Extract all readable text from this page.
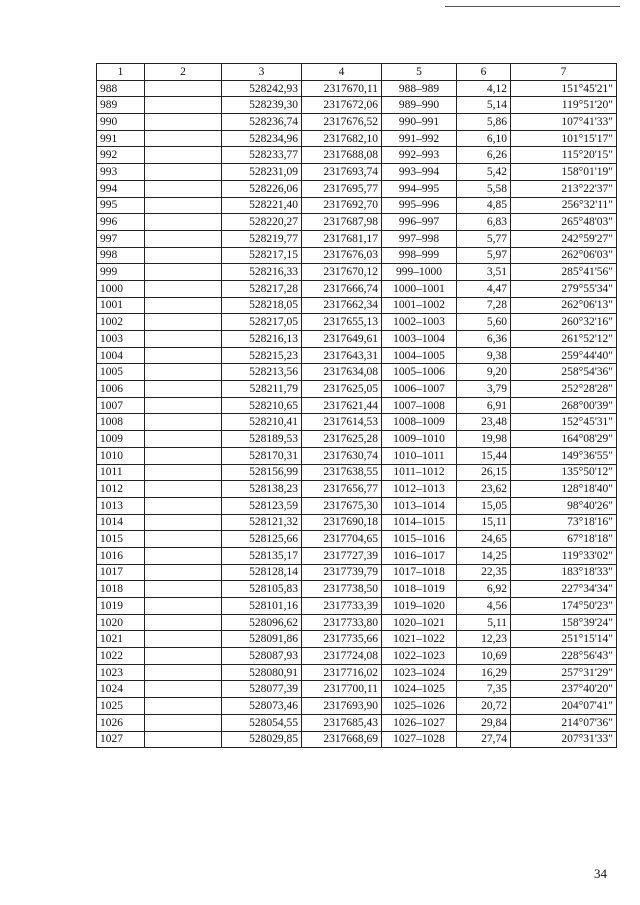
1	2	3	4	5	6	7
988		528242,93	2317670,11	988–989	4,12	151°45'21"
989		528239,30	2317672,06	989–990	5,14	119°51'20"
990		528236,74	2317676,52	990–991	5,86	107°41'33"
991		528234,96	2317682,10	991–992	6,10	101°15'17"
992		528233,77	2317688,08	992–993	6,26	115°20'15"
993		528231,09	2317693,74	993–994	5,42	158°01'19"
994		528226,06	2317695,77	994–995	5,58	213°22'37"
995		528221,40	2317692,70	995–996	4,85	256°32'11"
996		528220,27	2317687,98	996–997	6,83	265°48'03"
997		528219,77	2317681,17	997–998	5,77	242°59'27"
998		528217,15	2317676,03	998–999	5,97	262°06'03"
999		528216,33	2317670,12	999–1000	3,51	285°41'56"
1000		528217,28	2317666,74	1000–1001	4,47	279°55'34"
1001		528218,05	2317662,34	1001–1002	7,28	262°06'13"
1002		528217,05	2317655,13	1002–1003	5,60	260°32'16"
1003		528216,13	2317649,61	1003–1004	6,36	261°52'12"
1004		528215,23	2317643,31	1004–1005	9,38	259°44'40"
1005		528213,56	2317634,08	1005–1006	9,20	258°54'36"
1006		528211,79	2317625,05	1006–1007	3,79	252°28'28"
1007		528210,65	2317621,44	1007–1008	6,91	268°00'39"
1008		528210,41	2317614,53	1008–1009	23,48	152°45'31"
1009		528189,53	2317625,28	1009–1010	19,98	164°08'29"
1010		528170,31	2317630,74	1010–1011	15,44	149°36'55"
1011		528156,99	2317638,55	1011–1012	26,15	135°50'12"
1012		528138,23	2317656,77	1012–1013	23,62	128°18'40"
1013		528123,59	2317675,30	1013–1014	15,05	98°40'26"
1014		528121,32	2317690,18	1014–1015	15,11	73°18'16"
1015		528125,66	2317704,65	1015–1016	24,65	67°18'18"
1016		528135,17	2317727,39	1016–1017	14,25	119°33'02"
1017		528128,14	2317739,79	1017–1018	22,35	183°18'33"
1018		528105,83	2317738,50	1018–1019	6,92	227°34'34"
1019		528101,16	2317733,39	1019–1020	4,56	174°50'23"
1020		528096,62	2317733,80	1020–1021	5,11	158°39'24"
1021		528091,86	2317735,66	1021–1022	12,23	251°15'14"
1022		528087,93	2317724,08	1022–1023	10,69	228°56'43"
1023		528080,91	2317716,02	1023–1024	16,29	257°31'29"
1024		528077,39	2317700,11	1024–1025	7,35	237°40'20"
1025		528073,46	2317693,90	1025–1026	20,72	204°07'41"
1026		528054,55	2317685,43	1026–1027	29,84	214°07'36"
1027		528029,85	2317668,69	1027–1028	27,74	207°31'33"
34
